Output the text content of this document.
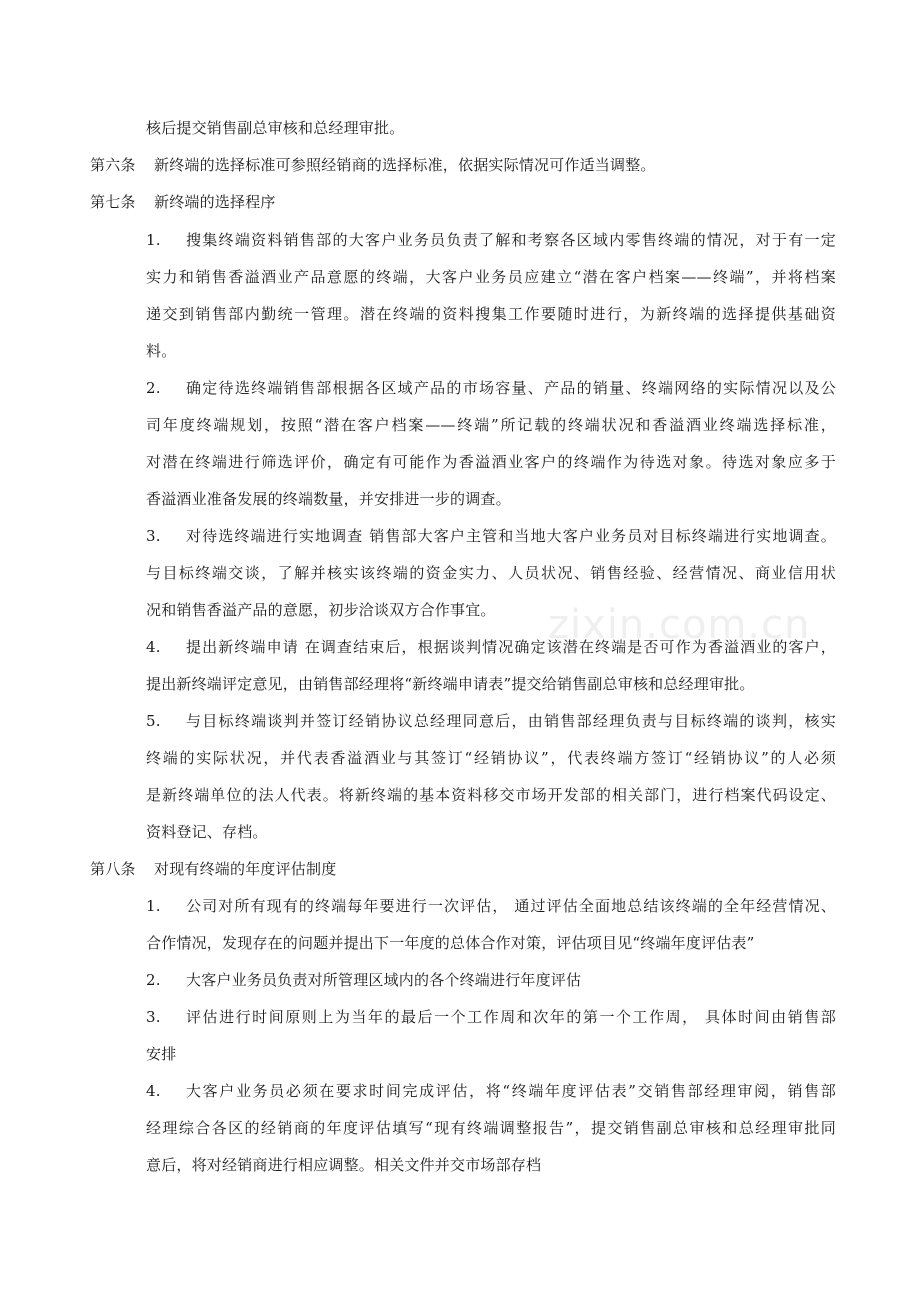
zixin.com.cn
核后提交销售副总审核和总经理审批。
第六条 新终端的选择标准可参照经销商的选择标准，依据实际情况可作适当调整。
第七条 新终端的选择程序
1. 搜集终端资料销售部的大客户业务员负责了解和考察各区域内零售终端的情况，对于有一定
实力和销售香溢酒业产品意愿的终端，大客户业务员应建立“潜在客户档案——终端”，并将档案
递交到销售部内勤统一管理。潜在终端的资料搜集工作要随时进行，为新终端的选择提供基础资
料。
2. 确定待选终端销售部根据各区域产品的市场容量、产品的销量、终端网络的实际情况以及公
司年度终端规划，按照“潜在客户档案——终端”所记载的终端状况和香溢酒业终端选择标准，
对潜在终端进行筛选评价，确定有可能作为香溢酒业客户的终端作为待选对象。待选对象应多于
香溢酒业准备发展的终端数量，并安排进一步的调查。
3. 对待选终端进行实地调查 销售部大客户主管和当地大客户业务员对目标终端进行实地调查。
与目标终端交谈，了解并核实该终端的资金实力、人员状况、销售经验、经营情况、商业信用状
况和销售香溢产品的意愿，初步洽谈双方合作事宜。
4. 提出新终端申请 在调查结束后，根据谈判情况确定该潜在终端是否可作为香溢酒业的客户，
提出新终端评定意见，由销售部经理将“新终端申请表”提交给销售副总审核和总经理审批。
5. 与目标终端谈判并签订经销协议总经理同意后，由销售部经理负责与目标终端的谈判，核实
终端的实际状况，并代表香溢酒业与其签订“经销协议”，代表终端方签订“经销协议”的人必须
是新终端单位的法人代表。将新终端的基本资料移交市场开发部的相关部门，进行档案代码设定、
资料登记、存档。
第八条 对现有终端的年度评估制度
1. 公司对所有现有的终端每年要进行一次评估， 通过评估全面地总结该终端的全年经营情况、
合作情况，发现存在的问题并提出下一年度的总体合作对策，评估项目见“终端年度评估表”
2. 大客户业务员负责对所管理区域内的各个终端进行年度评估
3. 评估进行时间原则上为当年的最后一个工作周和次年的第一个工作周， 具体时间由销售部
安排
4. 大客户业务员必须在要求时间完成评估，将“终端年度评估表”交销售部经理审阅，销售部
经理综合各区的经销商的年度评估填写“现有终端调整报告”，提交销售副总审核和总经理审批同
意后，将对经销商进行相应调整。相关文件并交市场部存档
